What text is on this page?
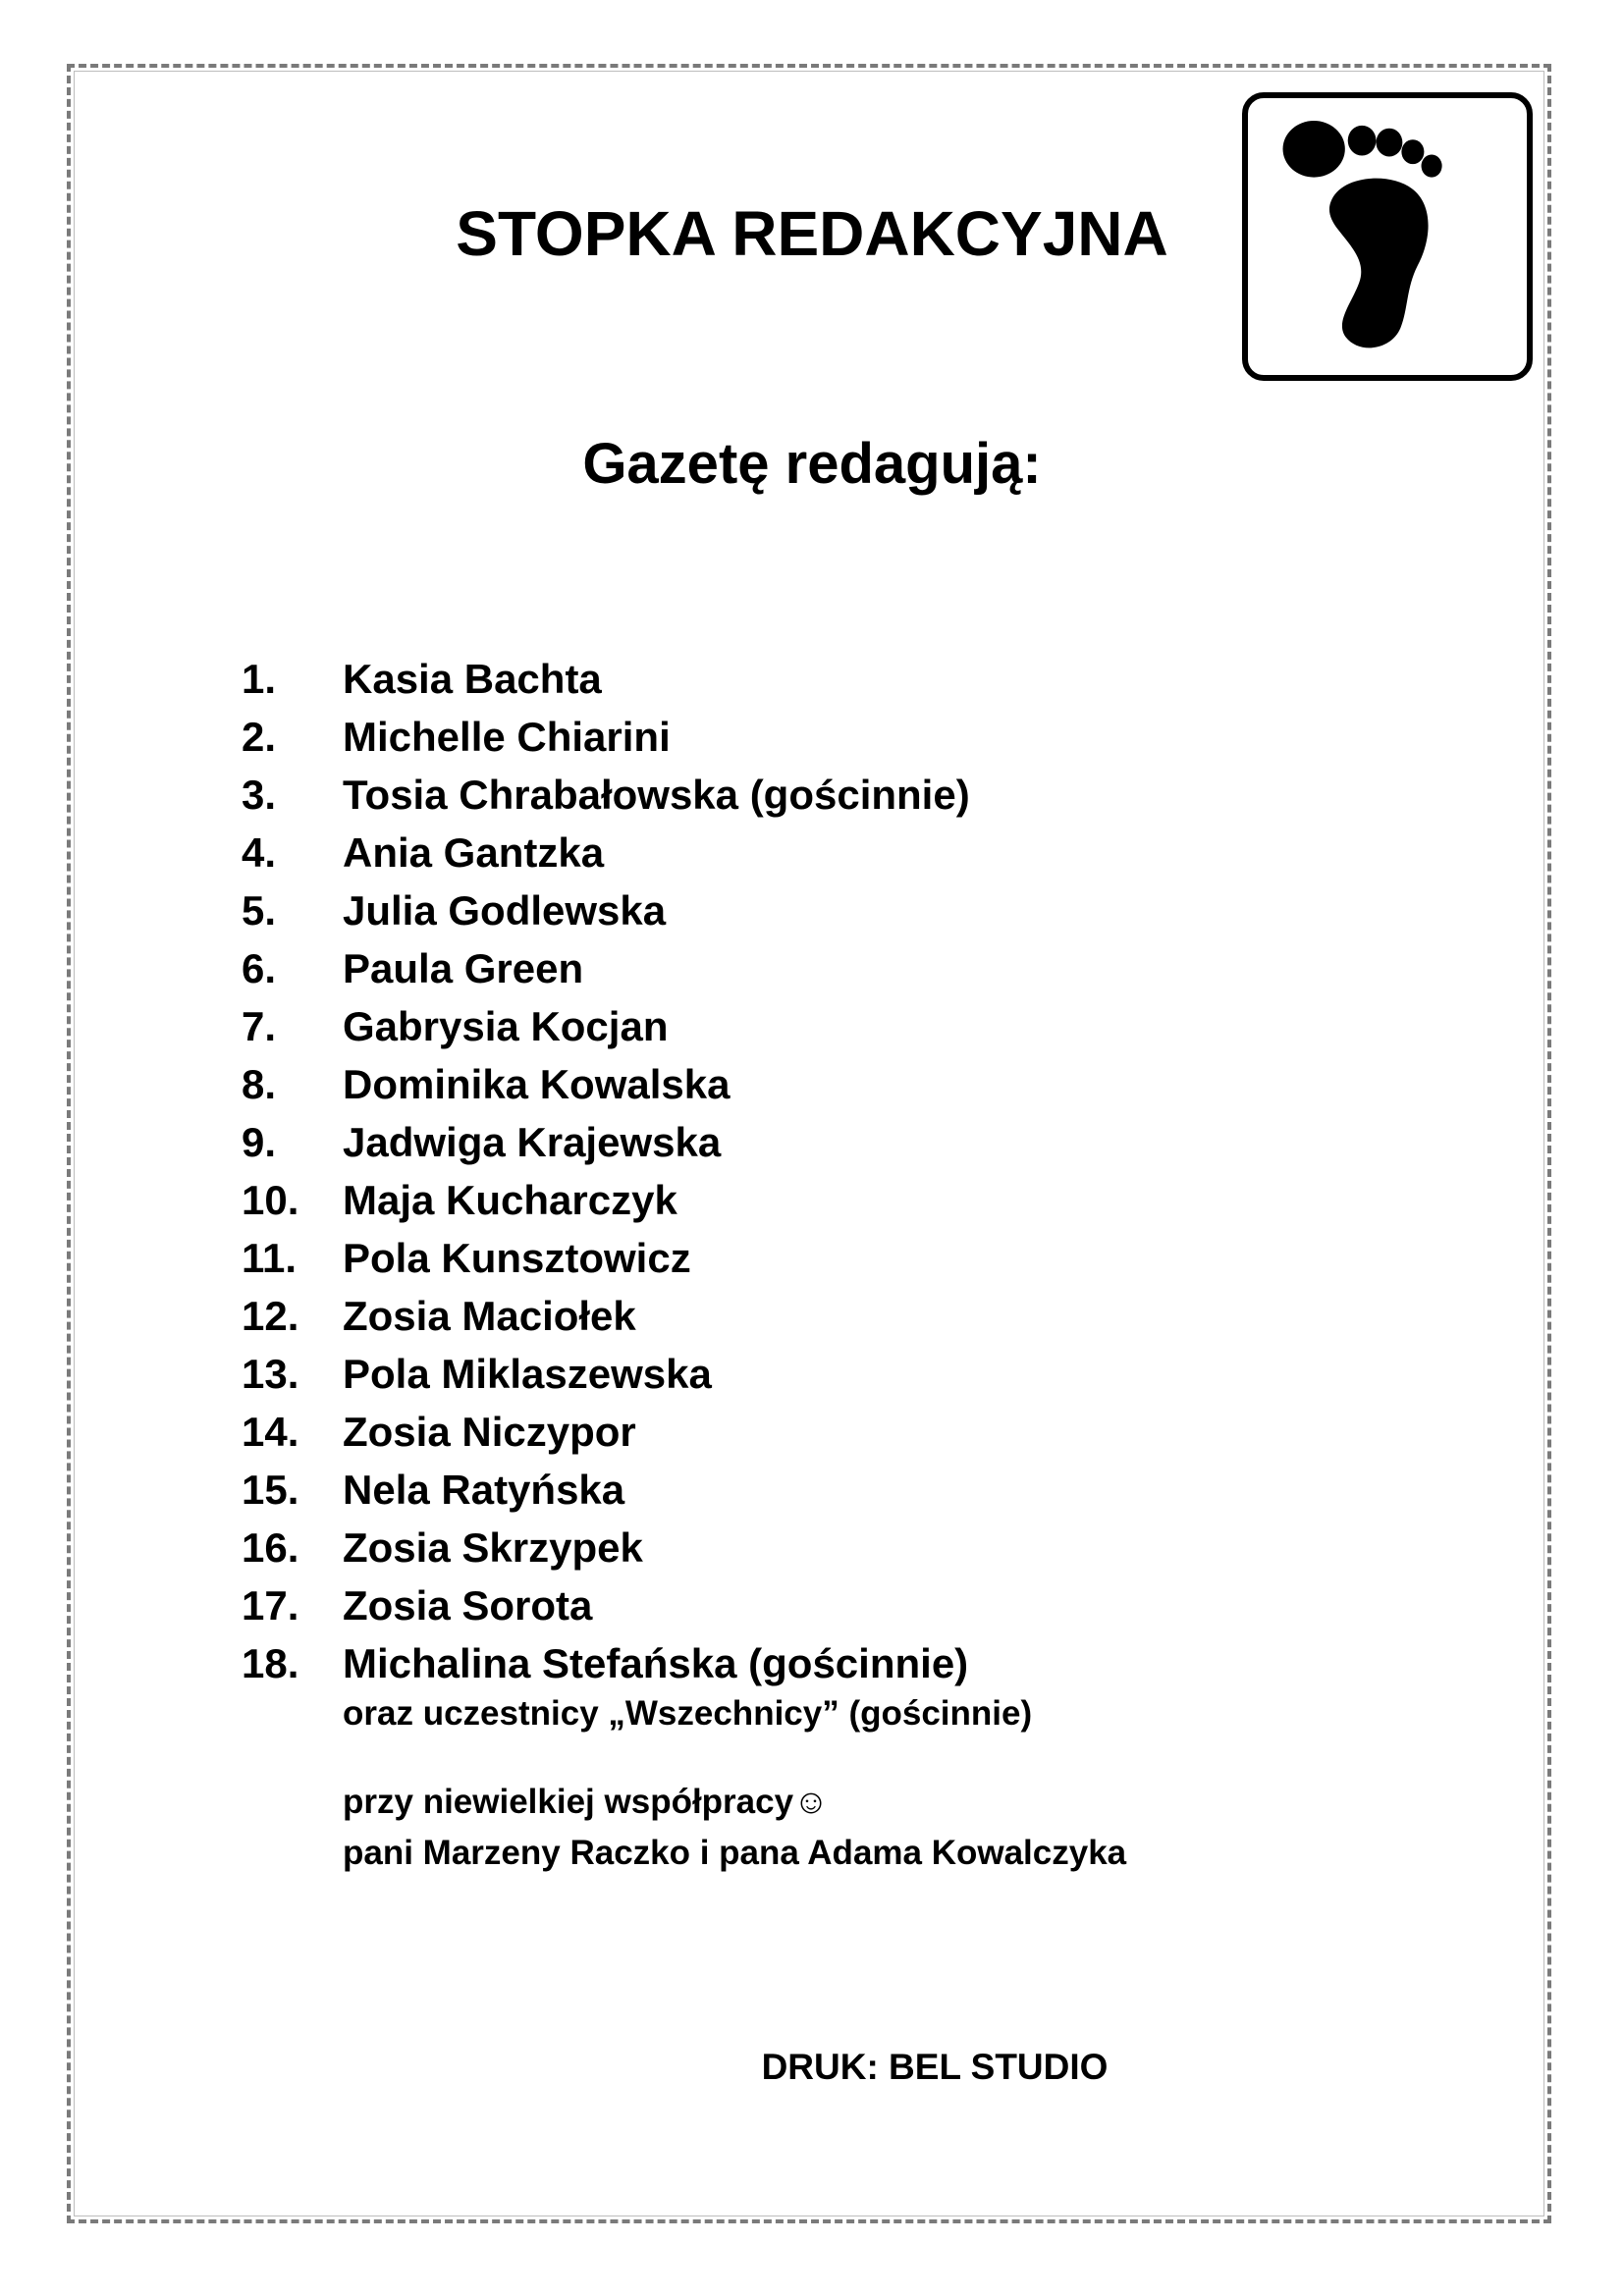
STOPKA REDAKCYJNA
Gazetę redagują:
1.	Kasia Bachta
2.	Michelle Chiarini
3.	Tosia Chrabałowska (gościnnie)
4.	Ania Gantzka
5.	Julia Godlewska
6.	Paula Green
7.	Gabrysia Kocjan
8.	Dominika Kowalska
9.	Jadwiga Krajewska
10.	Maja Kucharczyk
11.	Pola Kunsztowicz
12.	Zosia Maciołek
13.	Pola Miklaszewska
14.	Zosia Niczypor
15.	Nela Ratyńska
16.	Zosia Skrzypek
17.	Zosia Sorota
18.	Michalina Stefańska (gościnnie)

oraz uczestnicy „Wszechnicy” (gościnnie)

przy niewielkiej współpracy☺

pani Marzeny Raczko i pana Adama Kowalczyka

DRUK: BEL STUDIO
